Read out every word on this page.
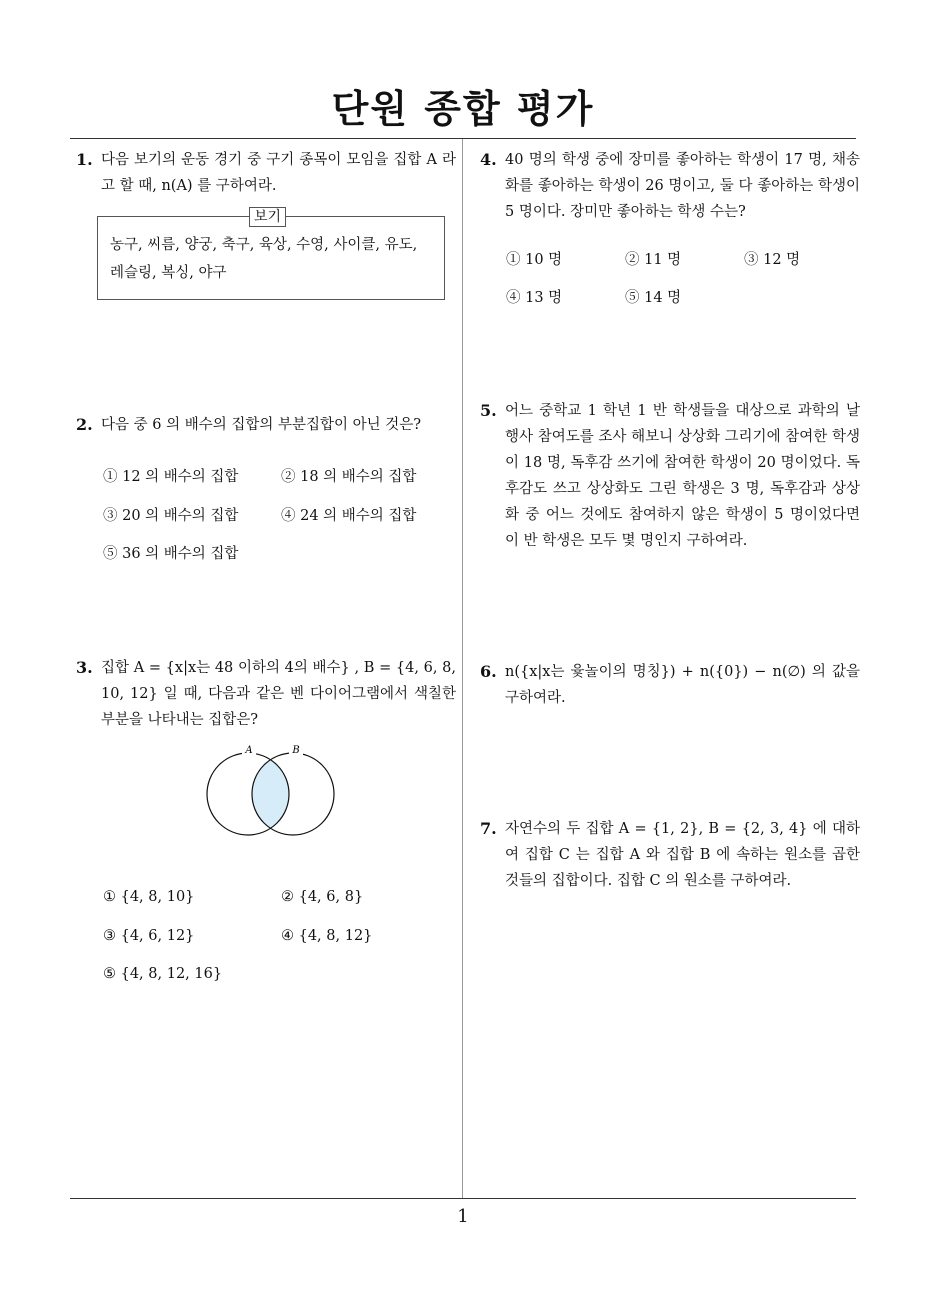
단원 종합 평가
1. 다음 보기의 운동 경기 중 구기 종목이 모임을 집합 A 라고 할 때, n(A) 를 구하여라.
보기
농구, 씨름, 양궁, 축구, 육상, 수영, 사이클, 유도, 레슬링, 복싱, 야구
2. 다음 중 6 의 배수의 집합의 부분집합이 아닌 것은?
① 12 의 배수의 집합	② 18 의 배수의 집합
③ 20 의 배수의 집합	④ 24 의 배수의 집합
⑤ 36 의 배수의 집합
3. 집합 A = {x|x는 48 이하의 4의 배수} , B = {4, 6, 8, 10, 12} 일 때, 다음과 같은 벤 다이어그램에서 색칠한 부분을 나타내는 집합은?
A	B
① {4, 8, 10}	② {4, 6, 8}
③ {4, 6, 12}	④ {4, 8, 12}
⑤ {4, 8, 12, 16}
4. 40 명의 학생 중에 장미를 좋아하는 학생이 17 명, 채송화를 좋아하는 학생이 26 명이고, 둘 다 좋아하는 학생이 5 명이다. 장미만 좋아하는 학생 수는?
① 10 명	② 11 명	③ 12 명
④ 13 명	⑤ 14 명
5. 어느 중학교 1 학년 1 반 학생들을 대상으로 과학의 날 행사 참여도를 조사 해보니 상상화 그리기에 참여한 학생이 18 명, 독후감 쓰기에 참여한 학생이 20 명이었다. 독후감도 쓰고 상상화도 그린 학생은 3 명, 독후감과 상상화 중 어느 것에도 참여하지 않은 학생이 5 명이었다면 이 반 학생은 모두 몇 명인지 구하여라.
6. n({x|x는 윷놀이의 명칭}) + n({0}) − n(∅) 의 값을 구하여라.
7. 자연수의 두 집합 A = {1, 2}, B = {2, 3, 4} 에 대하여 집합 C 는 집합 A 와 집합 B 에 속하는 원소를 곱한 것들의 집합이다. 집합 C 의 원소를 구하여라.
1
